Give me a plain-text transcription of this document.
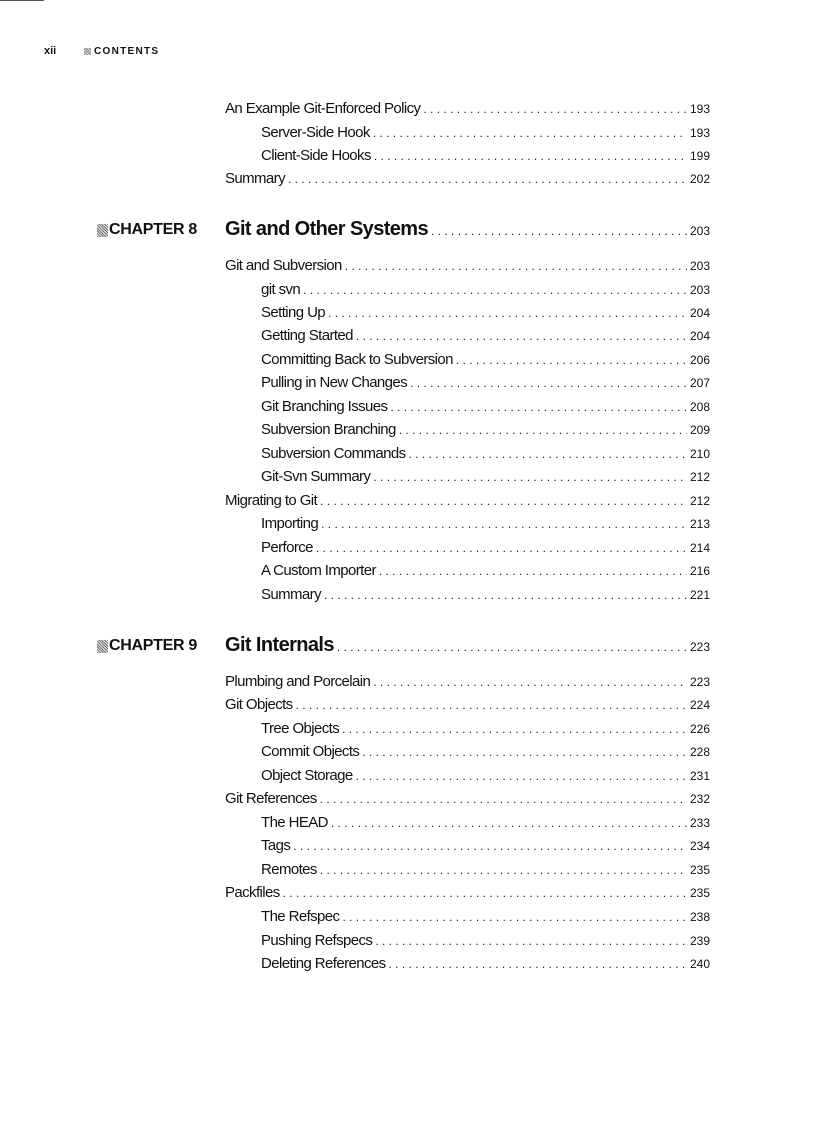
xii	CONTENTS
An Example Git-Enforced Policy . . .	193
Server-Side Hook . . .	193
Client-Side Hooks . . .	199
Summary . . .	202
CHAPTER 8 Git and Other Systems . . .	203
Git and Subversion . . .	203
git svn . . .	203
Setting Up . . .	204
Getting Started . . .	204
Committing Back to Subversion . . .	206
Pulling in New Changes . . .	207
Git Branching Issues . . .	208
Subversion Branching . . .	209
Subversion Commands . . .	210
Git-Svn Summary . . .	212
Migrating to Git . . .	212
Importing . . .	213
Perforce . . .	214
A Custom Importer . . .	216
Summary . . .	221
CHAPTER 9 Git Internals . . .	223
Plumbing and Porcelain . . .	223
Git Objects . . .	224
Tree Objects . . .	226
Commit Objects . . .	228
Object Storage . . .	231
Git References . . .	232
The HEAD . . .	233
Tags . . .	234
Remotes . . .	235
Packfiles . . .	235
The Refspec . . .	238
Pushing Refspecs . . .	239
Deleting References . . .	240
